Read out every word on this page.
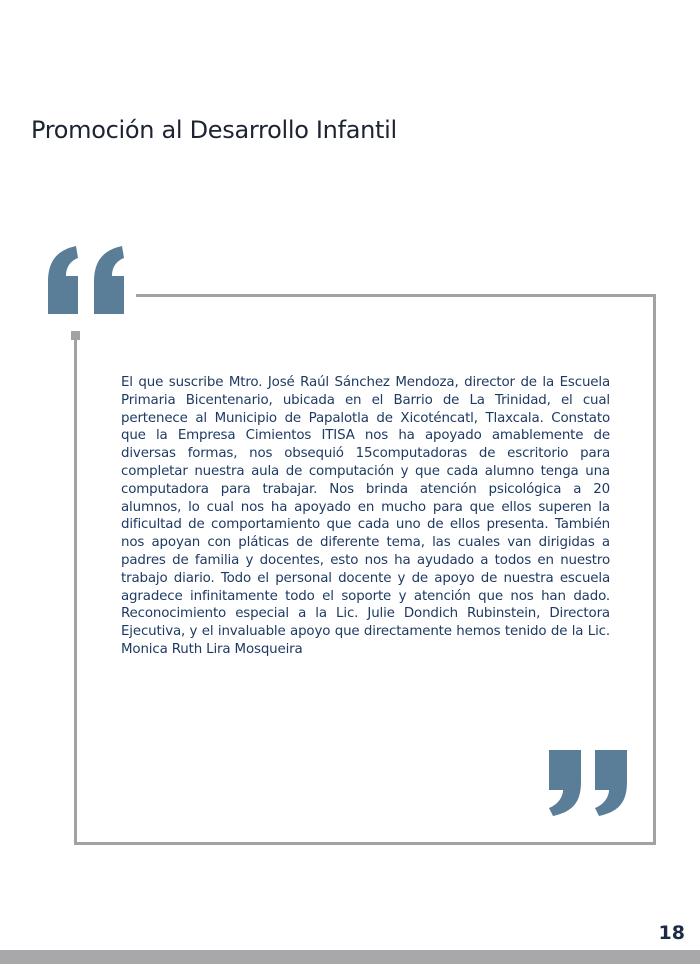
Promoción al Desarrollo Infantil

El que suscribe Mtro. José Raúl Sánchez Mendoza, director de la Escuela Primaria Bicentenario, ubicada en el Barrio de La Trinidad, el cual pertenece al Municipio de Papalotla de Xicoténcatl, Tlaxcala. Constato que la Empresa Cimientos ITISA nos ha apoyado amablemente de diversas formas, nos obsequió 15computadoras de escritorio para completar nuestra aula de computación y que cada alumno tenga una computadora para trabajar. Nos brinda atención psicológica a 20 alumnos, lo cual nos ha apoyado en mucho para que ellos superen la dificultad de comportamiento que cada uno de ellos presenta. También nos apoyan con pláticas de diferente tema, las cuales van dirigidas a padres de familia y docentes, esto nos ha ayudado a todos en nuestro trabajo diario. Todo el personal docente y de apoyo de nuestra escuela agradece infinitamente todo el soporte y atención que nos han dado. Reconocimiento especial a la Lic. Julie Dondich Rubinstein, Directora Ejecutiva, y el invaluable apoyo que directamente hemos tenido de la Lic. Monica Ruth Lira Mosqueira

18
